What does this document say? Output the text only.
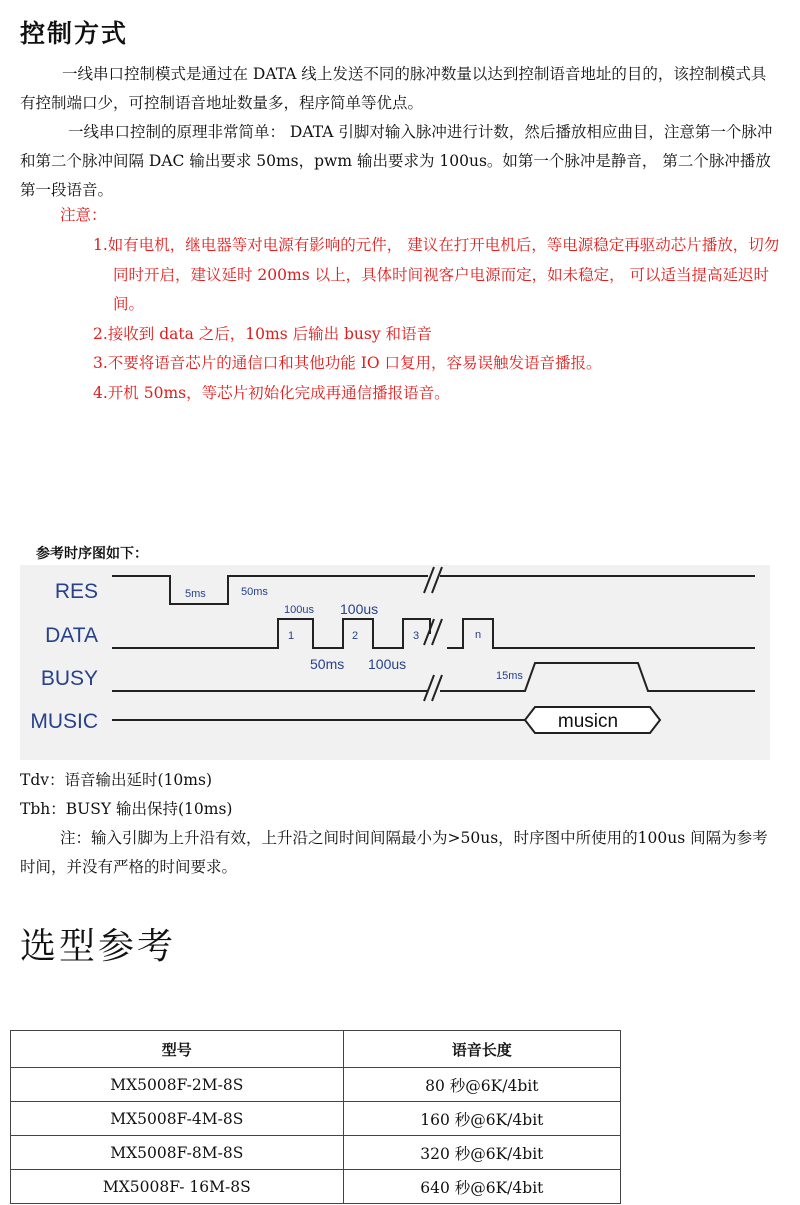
控制方式
一线串口控制模式是通过在 DATA 线上发送不同的脉冲数量以达到控制语音地址的目的，该控制模式具有控制端口少，可控制语音地址数量多，程序简单等优点。
一线串口控制的原理非常简单： DATA 引脚对输入脉冲进行计数，然后播放相应曲目，注意第一个脉冲和第二个脉冲间隔 DAC 输出要求 50ms，pwm 输出要求为 100us。如第一个脉冲是静音， 第二个脉冲播放第一段语音。
注意：
1.如有电机，继电器等对电源有影响的元件， 建议在打开电机后，等电源稳定再驱动芯片播放，切勿同时开启，建议延时 200ms 以上，具体时间视客户电源而定，如未稳定， 可以适当提高延迟时间。
2.接收到 data 之后，10ms 后输出 busy 和语音
3.不要将语音芯片的通信口和其他功能 IO 口复用，容易误触发语音播报。
4.开机 50ms，等芯片初始化完成再通信播报语音。
参考时序图如下：
RES
DATA
BUSY
MUSIC
5ms	50ms
1	2	3	n
100us 100us
50ms 100us
15ms
musicn
Tdv：语音输出延时(10ms)
Tbh：BUSY 输出保持(10ms)
注：输入引脚为上升沿有效，上升沿之间时间间隔最小为>50us，时序图中所使用的100us 间隔为参考时间，并没有严格的时间要求。
选型参考
型号	语音长度
MX5008F-2M-8S	80 秒@6K/4bit
MX5008F-4M-8S	160 秒@6K/4bit
MX5008F-8M-8S	320 秒@6K/4bit
MX5008F- 16M-8S	640 秒@6K/4bit
